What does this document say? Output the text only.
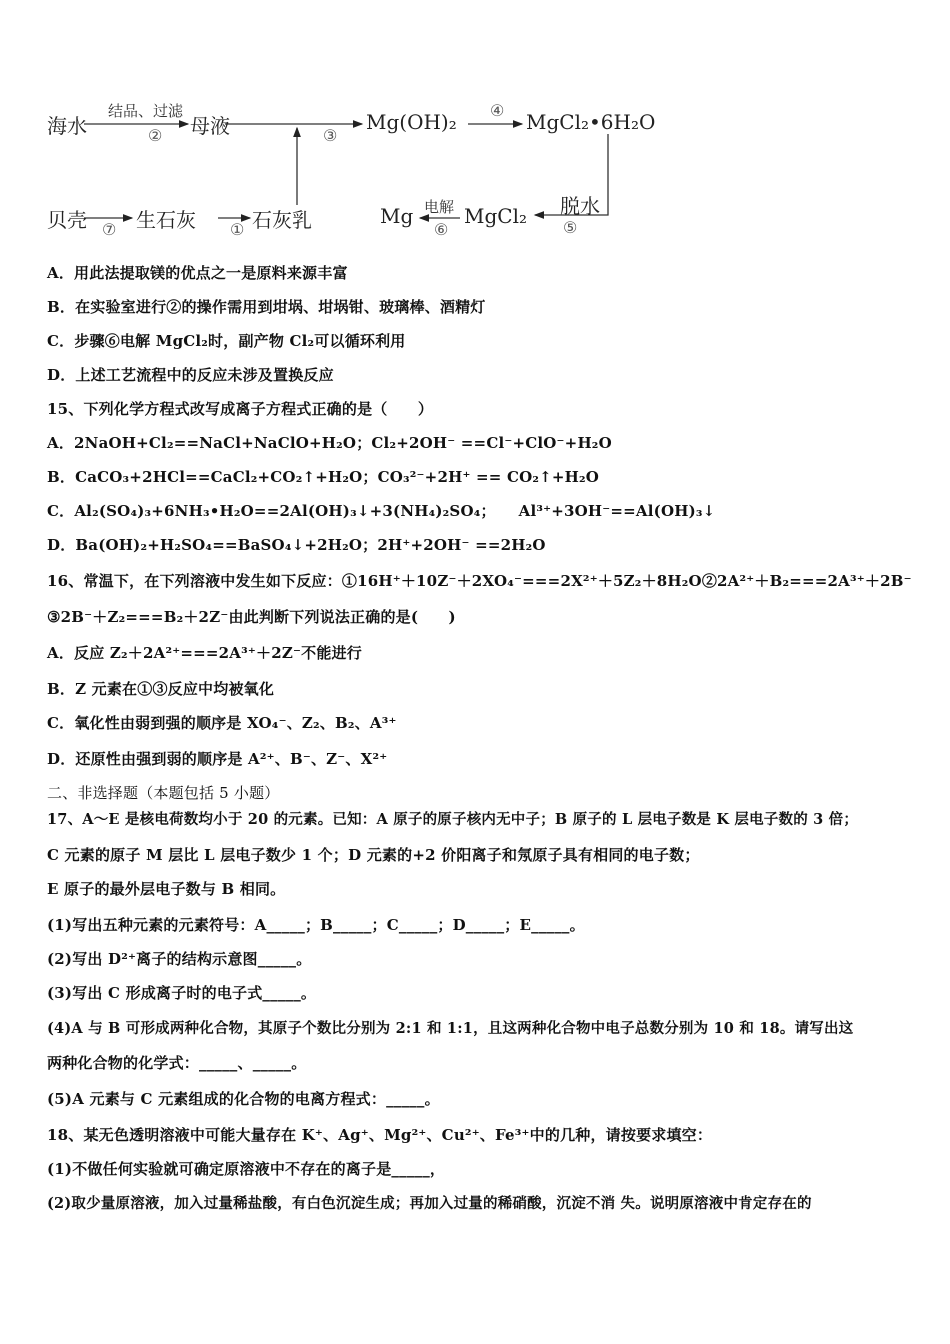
海水
结品、过滤
② 母液	③
Mg(OH)₂ ④ MgCl₂•6H₂O
贝壳 ⑦ 生石灰 ① 石灰乳	Mg 电解
⑥
MgCl₂ 脱水
⑤
A．用此法提取镁的优点之一是原料来源丰富
B．在实验室进行②的操作需用到坩埚、坩埚钳、玻璃棒、酒精灯
C．步骤⑥电解 MgCl₂时，副产物 Cl₂可以循环利用
D．上述工艺流程中的反应未涉及置换反应
15、下列化学方程式改写成离子方程式正确的是（　　）
A．2NaOH+Cl₂==NaCl+NaClO+H₂O；Cl₂+2OH⁻ ==Cl⁻+ClO⁻+H₂O
B．CaCO₃+2HCl==CaCl₂+CO₂↑+H₂O；CO₃²⁻+2H⁺ == CO₂↑+H₂O
C．Al₂(SO₄)₃+6NH₃•H₂O==2Al(OH)₃↓+3(NH₄)₂SO₄；　　Al³⁺+3OH⁻==Al(OH)₃↓
D．Ba(OH)₂+H₂SO₄==BaSO₄↓+2H₂O；2H⁺+2OH⁻ ==2H₂O
16、常温下，在下列溶液中发生如下反应：①16H⁺＋10Z⁻＋2XO₄⁻===2X²⁺＋5Z₂＋8H₂O②2A²⁺＋B₂===2A³⁺＋2B⁻
③2B⁻＋Z₂===B₂＋2Z⁻由此判断下列说法正确的是(　　)
A．反应 Z₂＋2A²⁺===2A³⁺＋2Z⁻不能进行
B．Z 元素在①③反应中均被氧化
C．氧化性由弱到强的顺序是 XO₄⁻、Z₂、B₂、A³⁺
D．还原性由强到弱的顺序是 A²⁺、B⁻、Z⁻、X²⁺
二、非选择题（本题包括 5 小题）
17、A～E 是核电荷数均小于 20 的元素。已知：A 原子的原子核内无中子；B 原子的 L 层电子数是 K 层电子数的 3 倍；
C 元素的原子 M 层比 L 层电子数少 1 个；D 元素的+2 价阳离子和氖原子具有相同的电子数；
E 原子的最外层电子数与 B 相同。
(1)写出五种元素的元素符号：A_____；B_____；C_____；D_____；E_____。
(2)写出 D²⁺离子的结构示意图_____。
(3)写出 C 形成离子时的电子式_____。
(4)A 与 B 可形成两种化合物，其原子个数比分别为 2:1 和 1:1，且这两种化合物中电子总数分别为 10 和 18。请写出这
两种化合物的化学式：_____、_____。
(5)A 元素与 C 元素组成的化合物的电离方程式：_____。
18、某无色透明溶液中可能大量存在 K⁺、Ag⁺、Mg²⁺、Cu²⁺、Fe³⁺中的几种，请按要求填空：
(1)不做任何实验就可确定原溶液中不存在的离子是_____，
(2)取少量原溶液，加入过量稀盐酸，有白色沉淀生成；再加入过量的稀硝酸，沉淀不消 失。说明原溶液中肯定存在的
